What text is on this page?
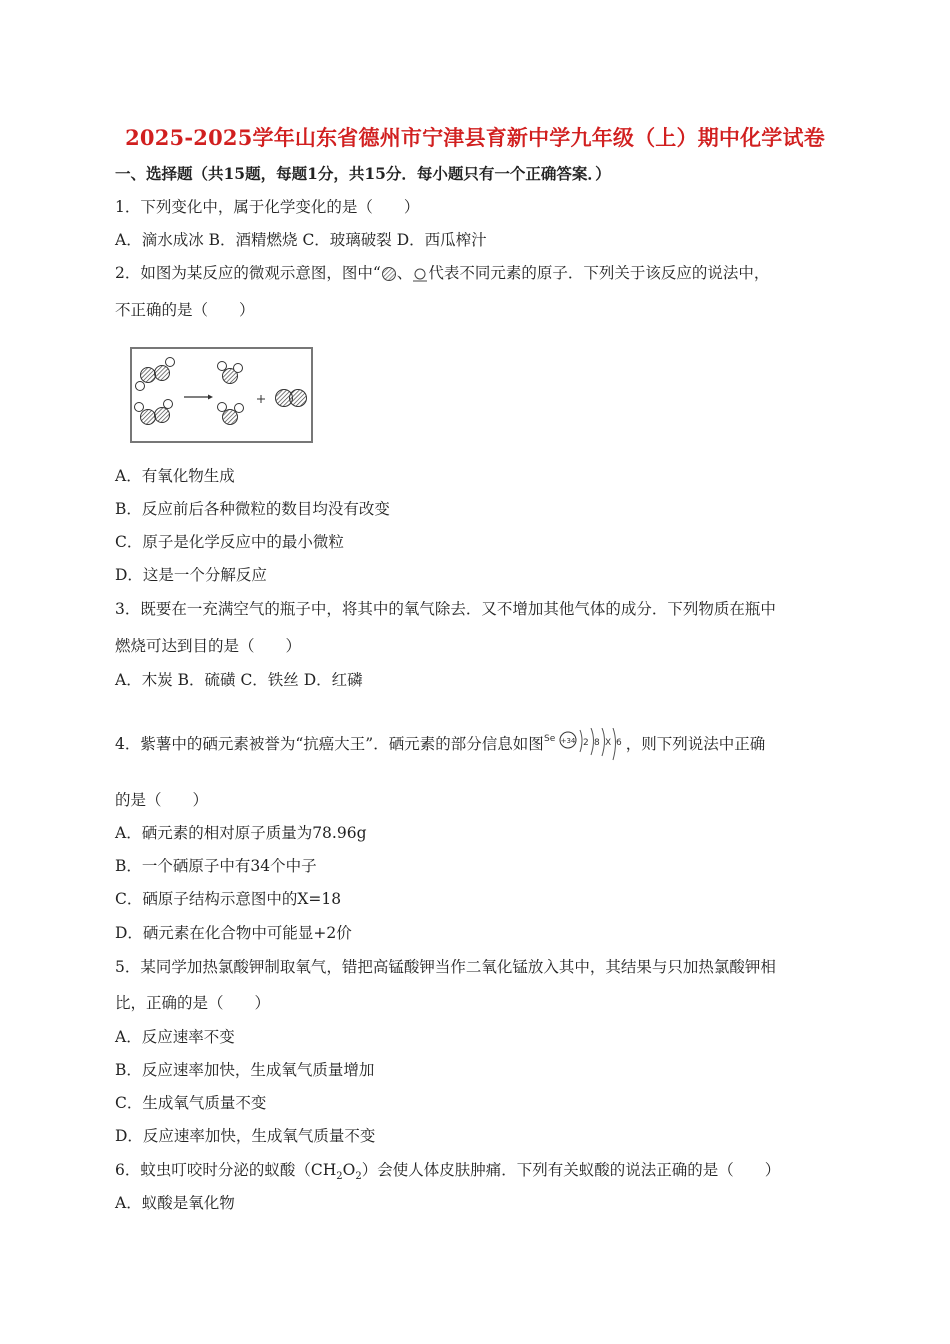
2025-2025学年山东省德州市宁津县育新中学九年级（上）期中化学试卷
一、选择题（共15题，每题1分，共15分．每小题只有一个正确答案．）
1．下列变化中，属于化学变化的是（　　）
A．滴水成冰 B．酒精燃烧 C．玻璃破裂 D．西瓜榨汁
2．如图为某反应的微观示意图，图中“ 、 代表不同元素的原子．下列关于该反应的说法中，
不正确的是（　　）
A．有氧化物生成
B．反应前后各种微粒的数目均没有改变
C．原子是化学反应中的最小微粒
D．这是一个分解反应
3．既要在一充满空气的瓶子中，将其中的氧气除去．又不增加其他气体的成分．下列物质在瓶中
燃烧可达到目的是（　　）
A．木炭 B．硫磺 C．铁丝 D．红磷
4．紫薯中的硒元素被誉为“抗癌大王”．硒元素的部分信息如图 Se +34 2 8 X 6 ，则下列说法中正确
的是（　　）
A．硒元素的相对原子质量为78.96g
B．一个硒原子中有34个中子
C．硒原子结构示意图中的X=18
D．硒元素在化合物中可能显+2价
5．某同学加热氯酸钾制取氧气，错把高锰酸钾当作二氧化锰放入其中，其结果与只加热氯酸钾相
比，正确的是（　　）
A．反应速率不变
B．反应速率加快，生成氧气质量增加
C．生成氧气质量不变
D．反应速率加快，生成氧气质量不变
6．蚊虫叮咬时分泌的蚁酸$(CH_2O_2)$会使人体皮肤肿痛．下列有关蚁酸的说法正确的是（　　）
A．蚁酸是氧化物
